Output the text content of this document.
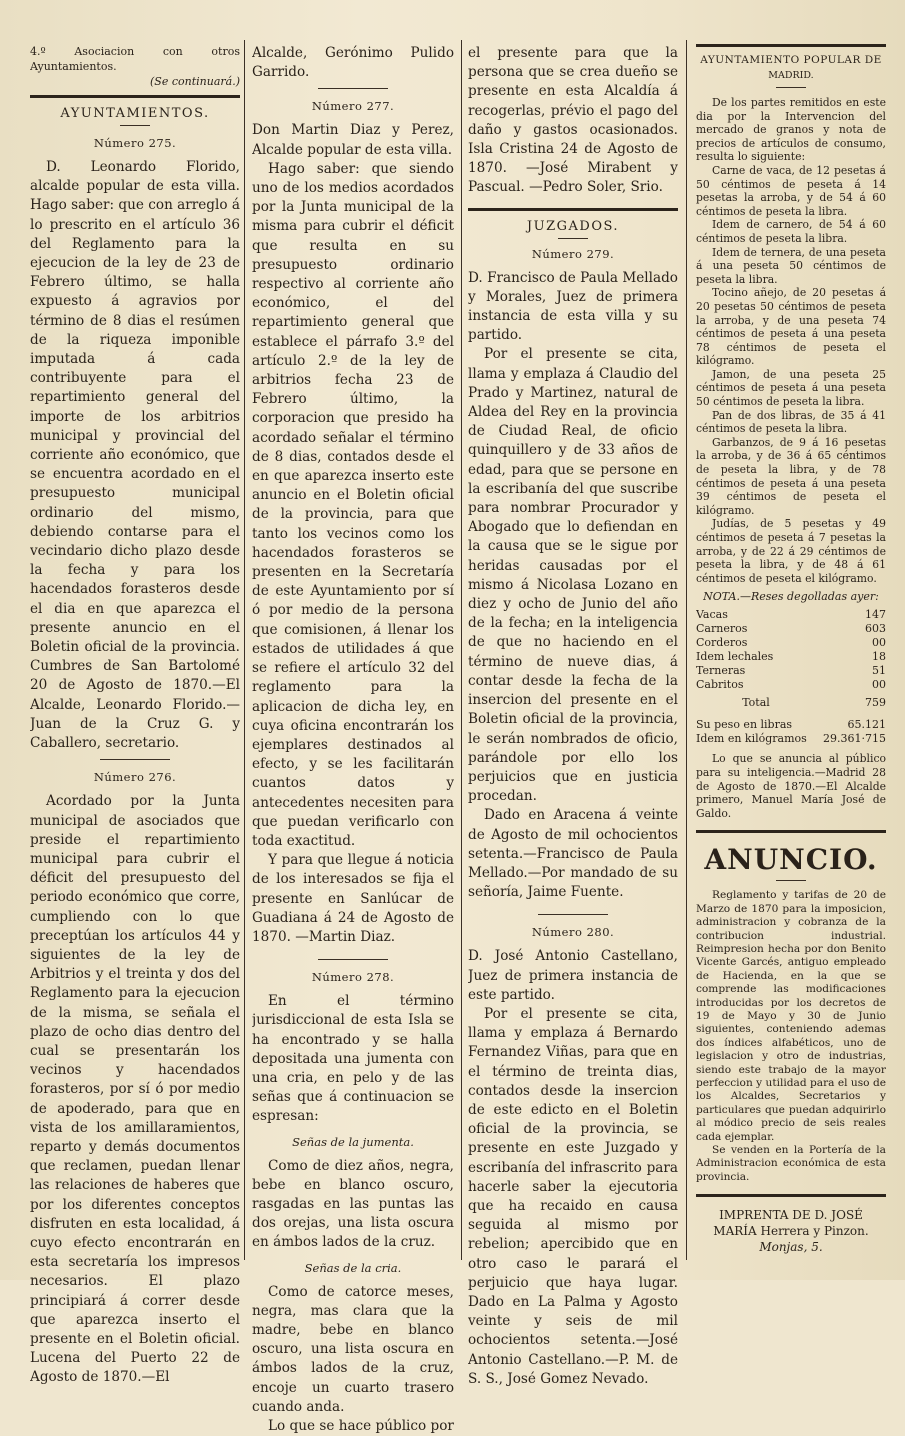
4.º Asociacion con otros Ayuntamientos.

(Se continuará.)

AYUNTAMIENTOS.
Número 275.

D. Leonardo Florido, alcalde popular de esta villa. Hago saber: que con arreglo á lo prescrito en el artículo 36 del Reglamento para la ejecucion de la ley de 23 de Febrero último, se halla expuesto á agravios por término de 8 dias el resúmen de la riqueza imponible imputada á cada contribuyente para el repartimiento general del importe de los arbitrios municipal y provincial del corriente año económico, que se encuentra acordado en el presupuesto municipal ordinario del mismo, debiendo contarse para el vecindario dicho plazo desde la fecha y para los hacendados forasteros desde el dia en que aparezca el presente anuncio en el Boletin oficial de la provincia. Cumbres de San Bartolomé 20 de Agosto de 1870.—El Alcalde, Leonardo Florido.—Juan de la Cruz G. y Caballero, secretario.

Número 276.

Acordado por la Junta municipal de asociados que preside el repartimiento municipal para cubrir el déficit del presupuesto del periodo económico que corre, cumpliendo con lo que preceptúan los artículos 44 y siguientes de la ley de Arbitrios y el treinta y dos del Reglamento para la ejecucion de la misma, se señala el plazo de ocho dias dentro del cual se presentarán los vecinos y hacendados forasteros, por sí ó por medio de apoderado, para que en vista de los amillaramientos, reparto y demás documentos que reclamen, puedan llenar las relaciones de haberes que por los diferentes conceptos disfruten en esta localidad, á cuyo efecto encontrarán en esta secretaría los impresos necesarios. El plazo principiará á correr desde que aparezca inserto el presente en el Boletin oficial. Lucena del Puerto 22 de Agosto de 1870.—El

Alcalde, Gerónimo Pulido Garrido.

Número 277.

Don Martin Diaz y Perez, Alcalde popular de esta villa.

Hago saber: que siendo uno de los medios acordados por la Junta municipal de la misma para cubrir el déficit que resulta en su presupuesto ordinario respectivo al corriente año económico, el del repartimiento general que establece el párrafo 3.º del artículo 2.º de la ley de arbitrios fecha 23 de Febrero último, la corporacion que presido ha acordado señalar el término de 8 dias, contados desde el en que aparezca inserto este anuncio en el Boletin oficial de la provincia, para que tanto los vecinos como los hacendados forasteros se presenten en la Secretaría de este Ayuntamiento por sí ó por medio de la persona que comisionen, á llenar los estados de utilidades á que se refiere el artículo 32 del reglamento para la aplicacion de dicha ley, en cuya oficina encontrarán los ejemplares destinados al efecto, y se les facilitarán cuantos datos y antecedentes necesiten para que puedan verificarlo con toda exactitud.

Y para que llegue á noticia de los interesados se fija el presente en Sanlúcar de Guadiana á 24 de Agosto de 1870. —Martin Diaz.

Número 278.

En el término jurisdiccional de esta Isla se ha encontrado y se halla depositada una jumenta con una cria, en pelo y de las señas que á continuacion se espresan:

Señas de la jumenta.

Como de diez años, negra, bebe en blanco oscuro, rasgadas en las puntas las dos orejas, una lista oscura en ámbos lados de la cruz.

Señas de la cria.

Como de catorce meses, negra, mas clara que la madre, bebe en blanco oscuro, una lista oscura en ámbos lados de la cruz, encoje un cuarto trasero cuando anda.

Lo que se hace público por

el presente para que la persona que se crea dueño se presente en esta Alcaldía á recogerlas, prévio el pago del daño y gastos ocasionados. Isla Cristina 24 de Agosto de 1870. —José Mirabent y Pascual. —Pedro Soler, Srio.

JUZGADOS.
Número 279.

D. Francisco de Paula Mellado y Morales, Juez de primera instancia de esta villa y su partido.

Por el presente se cita, llama y emplaza á Claudio del Prado y Martinez, natural de Aldea del Rey en la provincia de Ciudad Real, de oficio quinquillero y de 33 años de edad, para que se persone en la escribanía del que suscribe para nombrar Procurador y Abogado que lo defiendan en la causa que se le sigue por heridas causadas por el mismo á Nicolasa Lozano en diez y ocho de Junio del año de la fecha; en la inteligencia de que no haciendo en el término de nueve dias, á contar desde la fecha de la insercion del presente en el Boletin oficial de la provincia, le serán nombrados de oficio, parándole por ello los perjuicios que en justicia procedan.

Dado en Aracena á veinte de Agosto de mil ochocientos setenta.—Francisco de Paula Mellado.—Por mandado de su señoría, Jaime Fuente.

Número 280.

D. José Antonio Castellano, Juez de primera instancia de este partido.

Por el presente se cita, llama y emplaza á Bernardo Fernandez Viñas, para que en el término de treinta dias, contados desde la insercion de este edicto en el Boletin oficial de la provincia, se presente en este Juzgado y escribanía del infrascrito para hacerle saber la ejecutoria que ha recaido en causa seguida al mismo por rebelion; apercibido que en otro caso le parará el perjuicio que haya lugar. Dado en La Palma y Agosto veinte y seis de mil ochocientos setenta.—José Antonio Castellano.—P. M. de S. S., José Gomez Nevado.

AYUNTAMIENTO POPULAR DE
MADRID.

De los partes remitidos en este dia por la Intervencion del mercado de granos y nota de precios de artículos de consumo, resulta lo siguiente:

Carne de vaca, de 12 pesetas á 50 céntimos de peseta á 14 pesetas la arroba, y de 54 á 60 céntimos de peseta la libra.

Idem de carnero, de 54 á 60 céntimos de peseta la libra.

Idem de ternera, de una peseta á una peseta 50 céntimos de peseta la libra.

Tocino añejo, de 20 pesetas á 20 pesetas 50 céntimos de peseta la arroba, y de una peseta 74 céntimos de peseta á una peseta 78 céntimos de peseta el kilógramo.

Jamon, de una peseta 25 céntimos de peseta á una peseta 50 céntimos de peseta la libra.

Pan de dos libras, de 35 á 41 céntimos de peseta la libra.

Garbanzos, de 9 á 16 pesetas la arroba, y de 36 á 65 céntimos de peseta la libra, y de 78 céntimos de peseta á una peseta 39 céntimos de peseta el kilógramo.

Judías, de 5 pesetas y 49 céntimos de peseta á 7 pesetas la arroba, y de 22 á 29 céntimos de peseta la libra, y de 48 á 61 céntimos de peseta el kilógramo.

NOTA.—Reses degolladas ayer:
Vacas	147
Carneros	603
Corderos	00
Idem lechales	18
Terneras	51
Cabritos	00
Total	759
Su peso en libras	65.121
Idem en kilógramos	29.361·715

Lo que se anuncia al público para su inteligencia.—Madrid 28 de Agosto de 1870.—El Alcalde primero, Manuel María José de Galdo.

ANUNCIO.

Reglamento y tarifas de 20 de Marzo de 1870 para la imposicion, administracion y cobranza de la contribucion industrial. Reimpresion hecha por don Benito Vicente Garcés, antiguo empleado de Hacienda, en la que se comprende las modificaciones introducidas por los decretos de 19 de Mayo y 30 de Junio siguientes, conteniendo ademas dos índices alfabéticos, uno de legislacion y otro de industrias, siendo este trabajo de la mayor perfeccion y utilidad para el uso de los Alcaldes, Secretarios y particulares que puedan adquirirlo al módico precio de seis reales cada ejemplar.

Se venden en la Portería de la Administracion económica de esta provincia.

IMPRENTA DE D. JOSÉ MARÍA Herrera y Pinzon.
Monjas, 5.
